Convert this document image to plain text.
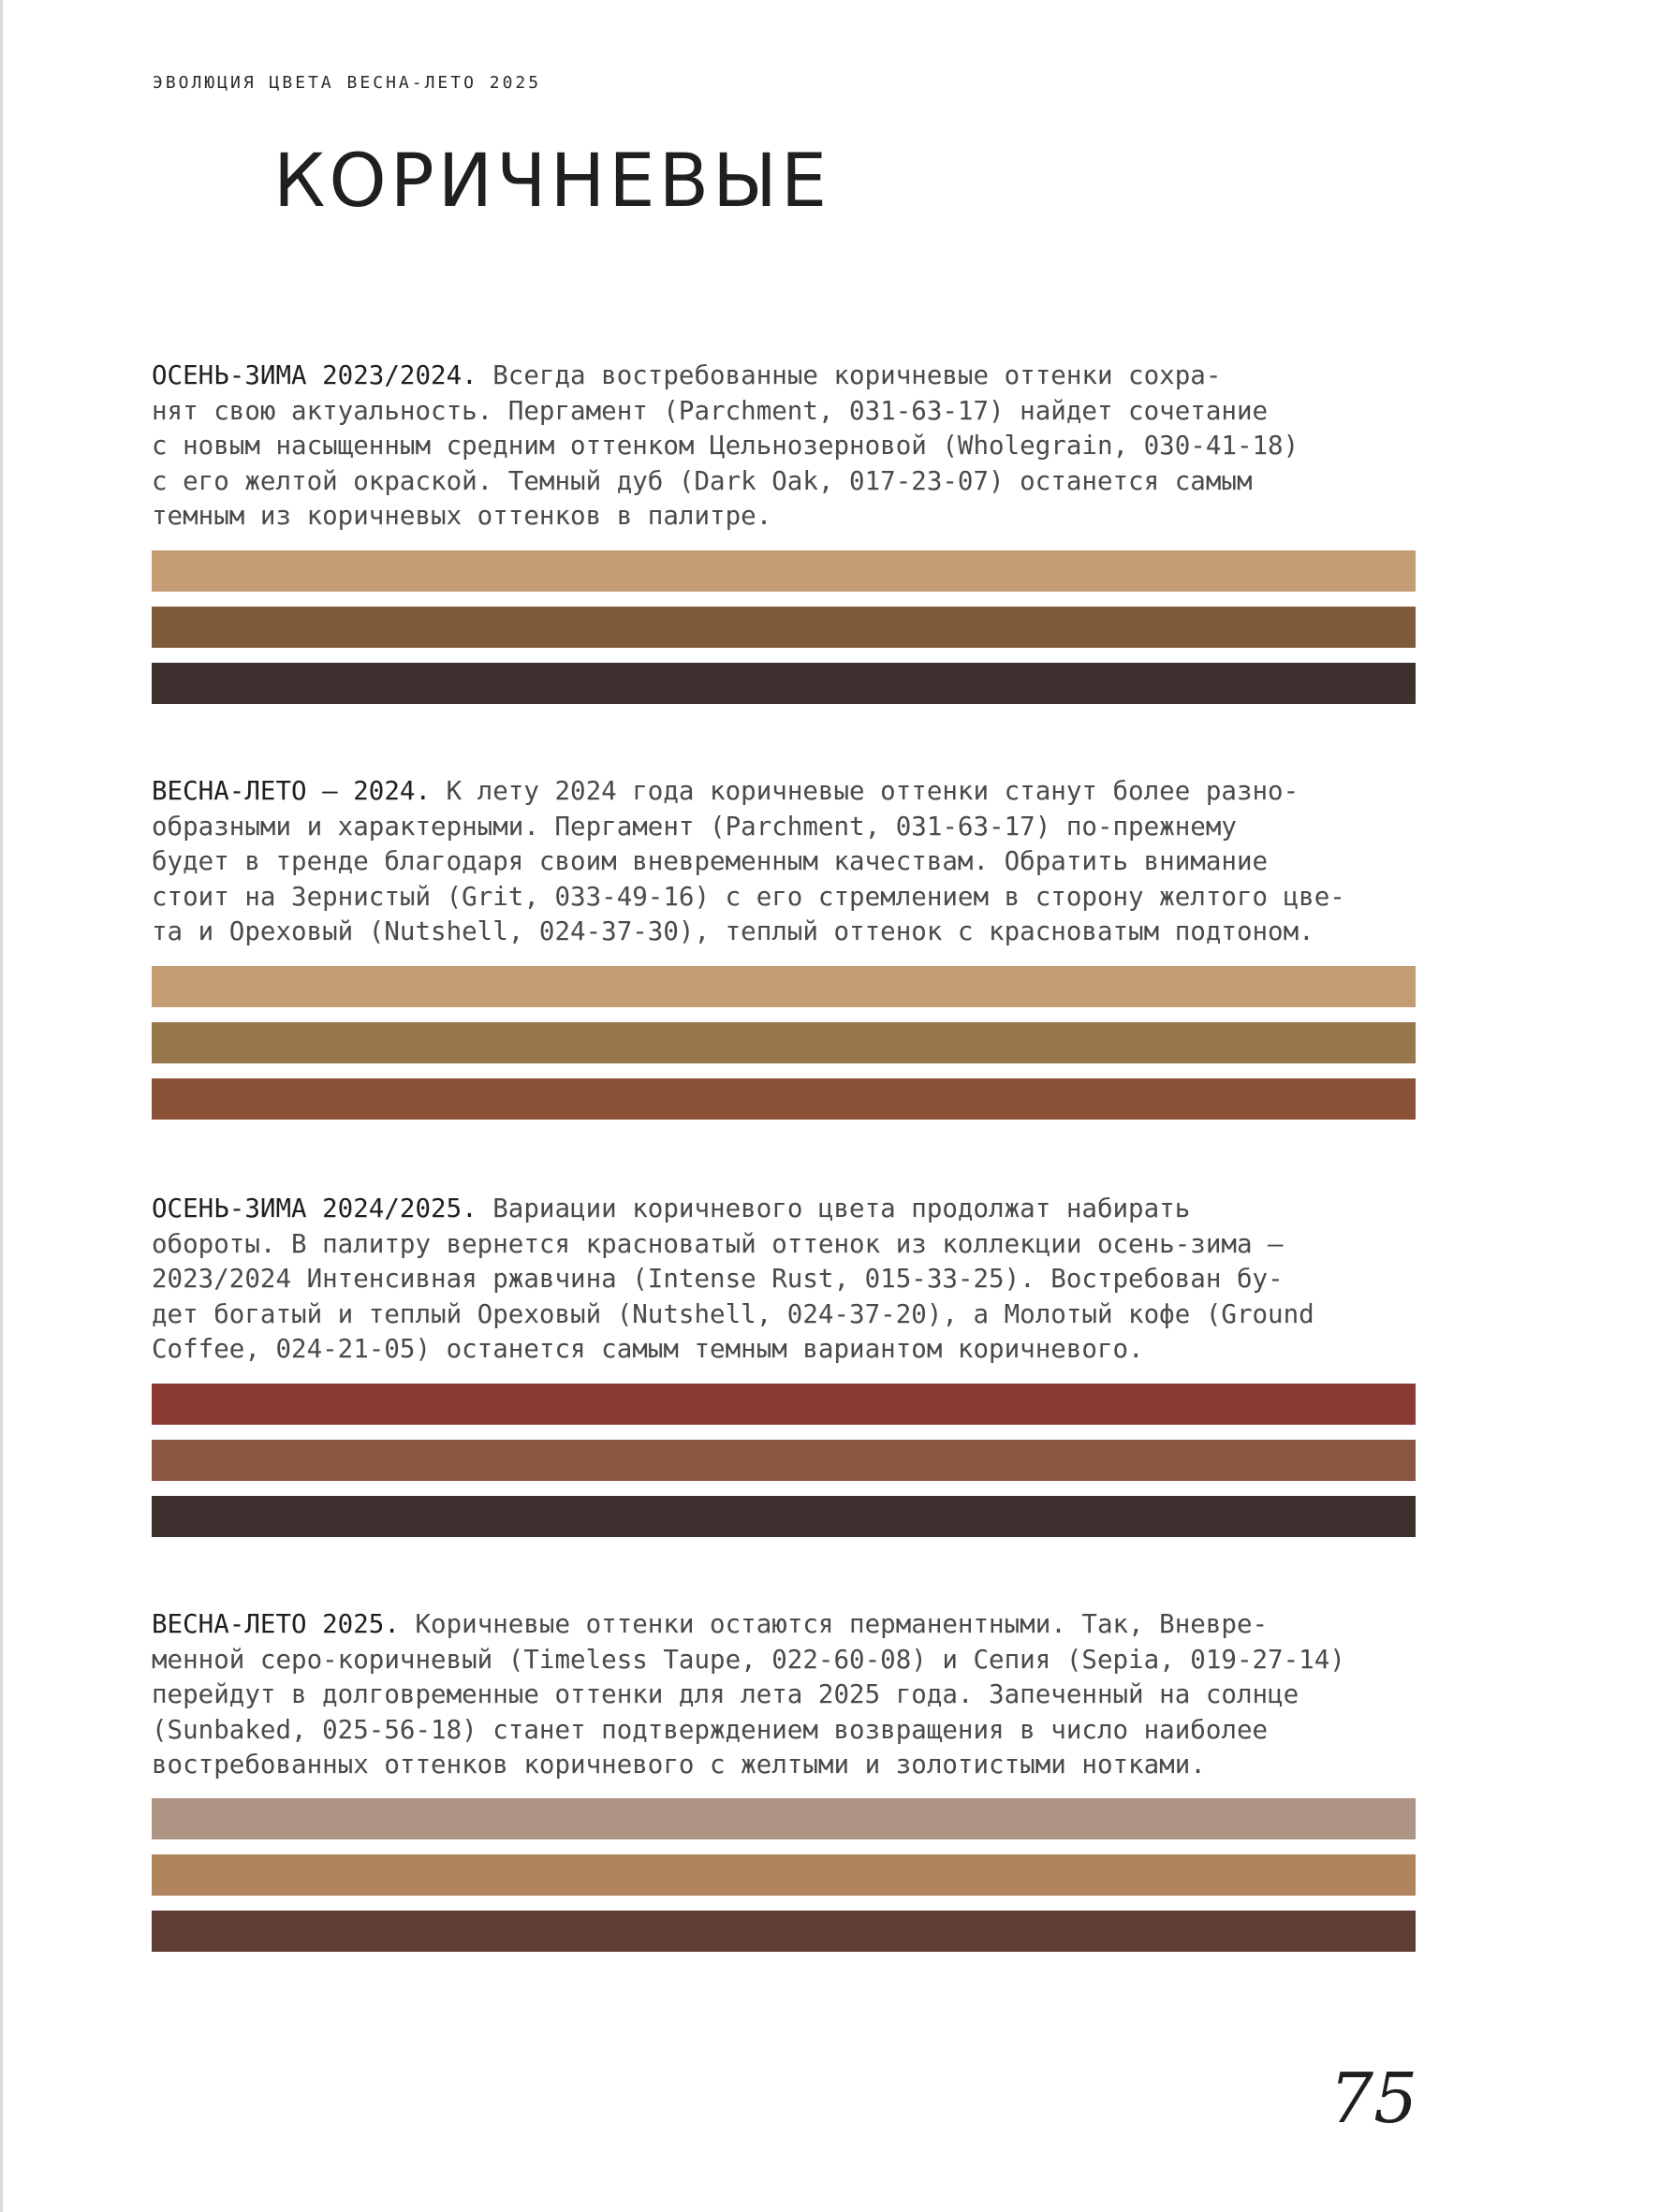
ЭВОЛЮЦИЯ ЦВЕТА ВЕСНА-ЛЕТО 2025
КОРИЧНЕВЫЕ

ОСЕНЬ-ЗИМА 2023/2024. Всегда востребованные коричневые оттенки сохра-

нят свою актуальность. Пергамент (Parchment, 031-63-17) найдет сочетание

с новым насыщенным средним оттенком Цельнозерновой (Wholegrain, 030-41-18)

с его желтой окраской. Темный дуб (Dark Oak, 017-23-07) останется самым

темным из коричневых оттенков в палитре.

ВЕСНА-ЛЕТО — 2024. К лету 2024 года коричневые оттенки станут более разно-

образными и характерными. Пергамент (Parchment, 031-63-17) по-прежнему

будет в тренде благодаря своим вневременным качествам. Обратить внимание

стоит на Зернистый (Grit, 033-49-16) с его стремлением в сторону желтого цве-

та и Ореховый (Nutshell, 024-37-30), теплый оттенок с красноватым подтоном.

ОСЕНЬ-ЗИМА 2024/2025. Вариации коричневого цвета продолжат набирать

обороты. В палитру вернется красноватый оттенок из коллекции осень-зима —

2023/2024 Интенсивная ржавчина (Intense Rust, 015-33-25). Востребован бу-

дет богатый и теплый Ореховый (Nutshell, 024-37-20), а Молотый кофе (Ground

Coffee, 024-21-05) останется самым темным вариантом коричневого.

ВЕСНА-ЛЕТО 2025. Коричневые оттенки остаются перманентными. Так, Вневре-

менной серо-коричневый (Timeless Taupe, 022-60-08) и Сепия (Sepia, 019-27-14)

перейдут в долговременные оттенки для лета 2025 года. Запеченный на солнце

(Sunbaked, 025-56-18) станет подтверждением возвращения в число наиболее

востребованных оттенков коричневого с желтыми и золотистыми нотками.

75
